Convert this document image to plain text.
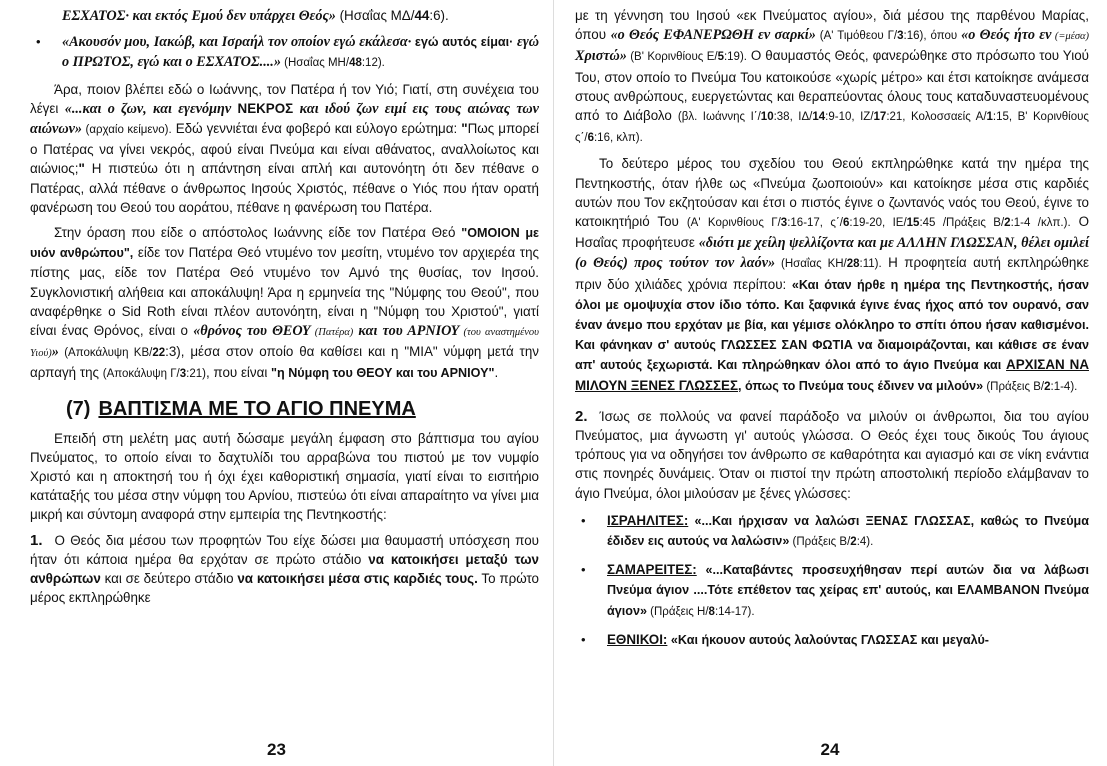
ΕΣΧΑΤΟΣ· και εκτός Εμού δεν υπάρχει Θεός» (Ησαΐας ΜΔ/44:6).

• «Ακουσόν μου, Ιακώβ, και Ισραήλ τον οποίον εγώ εκάλεσα· εγώ αυτός είμαι· εγώ ο ΠΡΩΤΟΣ, εγώ και ο ΕΣΧΑΤΟΣ....» (Ησαΐας ΜΗ/48:12).

Άρα, ποιον βλέπει εδώ ο Ιωάννης, τον Πατέρα ή τον Υιό; Γιατί, στη συνέχεια του λέγει «...και ο ζων, και εγενόμην ΝΕΚΡΟΣ και ιδού ζων ειμί εις τους αιώνας των αιώνων» (αρχαίο κείμενο). Εδώ γεννιέται ένα φοβερό και εύλογο ερώτημα: "Πως μπορεί ο Πατέρας να γίνει νεκρός, αφού είναι Πνεύμα και είναι αθάνατος, αναλλοίωτος και αιώνιος;" Η πιστεύω ότι η απάντηση είναι απλή και αυτονόητη ότι δεν πέθανε ο Πατέρας, αλλά πέθανε ο άνθρωπος Ιησούς Χριστός, πέθανε ο Υιός που ήταν ορατή φανέρωση του Θεού του αοράτου, πέθανε η φανέρωση του Πατέρα.

Στην όραση που είδε ο απόστολος Ιωάννης είδε τον Πατέρα Θεό "ΟΜΟΙΟΝ με υιόν ανθρώπου", είδε τον Πατέρα Θεό ντυμένο τον μεσίτη, ντυμένο τον αρχιερέα της πίστης μας, είδε τον Πατέρα Θεό ντυμένο τον Αμνό της θυσίας, τον Ιησού. Συγκλονιστική αλήθεια και αποκάλυψη! Άρα η ερμηνεία της "Νύμφης του Θεού", που αναφέρθηκε ο Sid Roth είναι πλέον αυτονόητη, είναι η "Νύμφη του Χριστού", γιατί είναι ένας Θρόνος, είναι ο «θρόνος του ΘΕΟΥ (Πατέρα) και του ΑΡΝΙΟΥ (του αναστημένου Υιού)» (Αποκάλυψη ΚΒ/22:3), μέσα στον οποίο θα καθίσει και η "ΜΙΑ" νύμφη μετά την αρπαγή της (Αποκάλυψη Γ/3:21), που είναι "η Νύμφη του ΘΕΟΥ και του ΑΡΝΙΟΥ".

(7) ΒΑΠΤΙΣΜΑ ΜΕ ΤΟ ΑΓΙΟ ΠΝΕΥΜΑ

Επειδή στη μελέτη μας αυτή δώσαμε μεγάλη έμφαση στο βάπτισμα του αγίου Πνεύματος, το οποίο είναι το δαχτυλίδι του αρραβώνα του πιστού με τον νυμφίο Χριστό και η αποκτησή του ή όχι έχει καθοριστική σημασία, γιατί είναι το εισιτήριο κατάταξής του μέσα στην νύμφη του Αρνίου, πιστεύω ότι είναι απαραίτητο να γίνει μια μικρή και σύντομη αναφορά στην εμπειρία της Πεντηκοστής:

1. Ο Θεός δια μέσου των προφητών Του είχε δώσει μια θαυμαστή υπόσχεση που ήταν ότι κάποια ημέρα θα ερχόταν σε πρώτο στάδιο να κατοικήσει μεταξύ των ανθρώπων και σε δεύτερο στάδιο να κατοικήσει μέσα στις καρδιές τους. Το πρώτο μέρος εκπληρώθηκε

23

με τη γέννηση του Ιησού «εκ Πνεύματος αγίου», διά μέσου της παρθένου Μαρίας, όπου «ο Θεός ΕΦΑΝΕΡΩΘΗ εν σαρκί» (Α' Τιμόθεου Γ/3:16), όπου «ο Θεός ήτο εν (=μέσα) Χριστώ» (Β' Κορινθίους Ε/5:19). Ο θαυμαστός Θεός, φανερώθηκε στο πρόσωπο του Υιού Του, στον οποίο το Πνεύμα Του κατοικούσε «χωρίς μέτρο» και έτσι κατοίκησε ανάμεσα στους ανθρώπους, ευεργετώντας και θεραπεύοντας όλους τους καταδυναστευομένους από το Διάβολο (βλ. Ιωάννης Ι΄/10:38, ΙΔ/14:9-10, ΙΖ/17:21, Κολοσσαείς Α/1:15, Β' Κορινθίους ς΄/6:16, κλπ).

Το δεύτερο μέρος του σχεδίου του Θεού εκπληρώθηκε κατά την ημέρα της Πεντηκοστής, όταν ήλθε ως «Πνεύμα ζωοποιούν» και κατοίκησε μέσα στις καρδιές αυτών που Τον εκζητούσαν και έτσι ο πιστός έγινε ο ζωντανός ναός του Θεού, έγινε το κατοικητήριό Του (Α' Κορινθίους Γ/3:16-17, ς΄/6:19-20, ΙΕ/15:45 /Πράξεις Β/2:1-4 /κλπ.). Ο Ησαΐας προφήτευσε «διότι με χείλη ψελλίζοντα και με ΑΛΛΗΝ ΓΛΩΣΣΑΝ, θέλει ομιλεί (ο Θεός) προς τούτον τον λαόν» (Ησαΐας ΚΗ/28:11). Η προφητεία αυτή εκπληρώθηκε πριν δύο χιλιάδες χρόνια περίπου: «Και όταν ήρθε η ημέρα της Πεντηκοστής, ήσαν όλοι με ομοψυχία στον ίδιο τόπο. Και ξαφνικά έγινε ένας ήχος από τον ουρανό, σαν έναν άνεμο που ερχόταν με βία, και γέμισε ολόκληρο το σπίτι όπου ήσαν καθισμένοι. Και φάνηκαν σ' αυτούς ΓΛΩΣΣΕΣ ΣΑΝ ΦΩΤΙΑ να διαμοιράζονται, και κάθισε σε έναν απ' αυτούς ξεχωριστά. Και πληρώθηκαν όλοι από το άγιο Πνεύμα και ΑΡΧΙΣΑΝ ΝΑ ΜΙΛΟΥΝ ΞΕΝΕΣ ΓΛΩΣΣΕΣ, όπως το Πνεύμα τους έδινεν να μιλούν» (Πράξεις Β/2:1-4).

2. Ίσως σε πολλούς να φανεί παράδοξο να μιλούν οι άνθρωποι, δια του αγίου Πνεύματος, μια άγνωστη γι' αυτούς γλώσσα. Ο Θεός έχει τους δικούς Του άγιους τρόπους για να οδηγήσει τον άνθρωπο σε καθαρότητα και αγιασμό και σε νίκη ενάντια στις πονηρές δυνάμεις. Όταν οι πιστοί την πρώτη αποστολική περίοδο ελάμβαναν το άγιο Πνεύμα, όλοι μιλούσαν με ξένες γλώσσες:

• ΙΣΡΑΗΛΙΤΕΣ: «...Και ήρχισαν να λαλώσι ΞΕΝΑΣ ΓΛΩΣΣΑΣ, καθώς το Πνεύμα έδιδεν εις αυτούς να λαλώσιν» (Πράξεις Β/2:4).
• ΣΑΜΑΡΕΙΤΕΣ: «...Καταβάντες προσευχήθησαν περί αυτών δια να λάβωσι Πνεύμα άγιον ....Τότε επέθετον τας χείρας επ' αυτούς, και ΕΛΑΜΒΑΝΟΝ Πνεύμα άγιον» (Πράξεις Η/8:14-17).
• ΕΘΝΙΚΟΙ: «Και ήκουον αυτούς λαλούντας ΓΛΩΣΣΑΣ και μεγαλύ-
24
